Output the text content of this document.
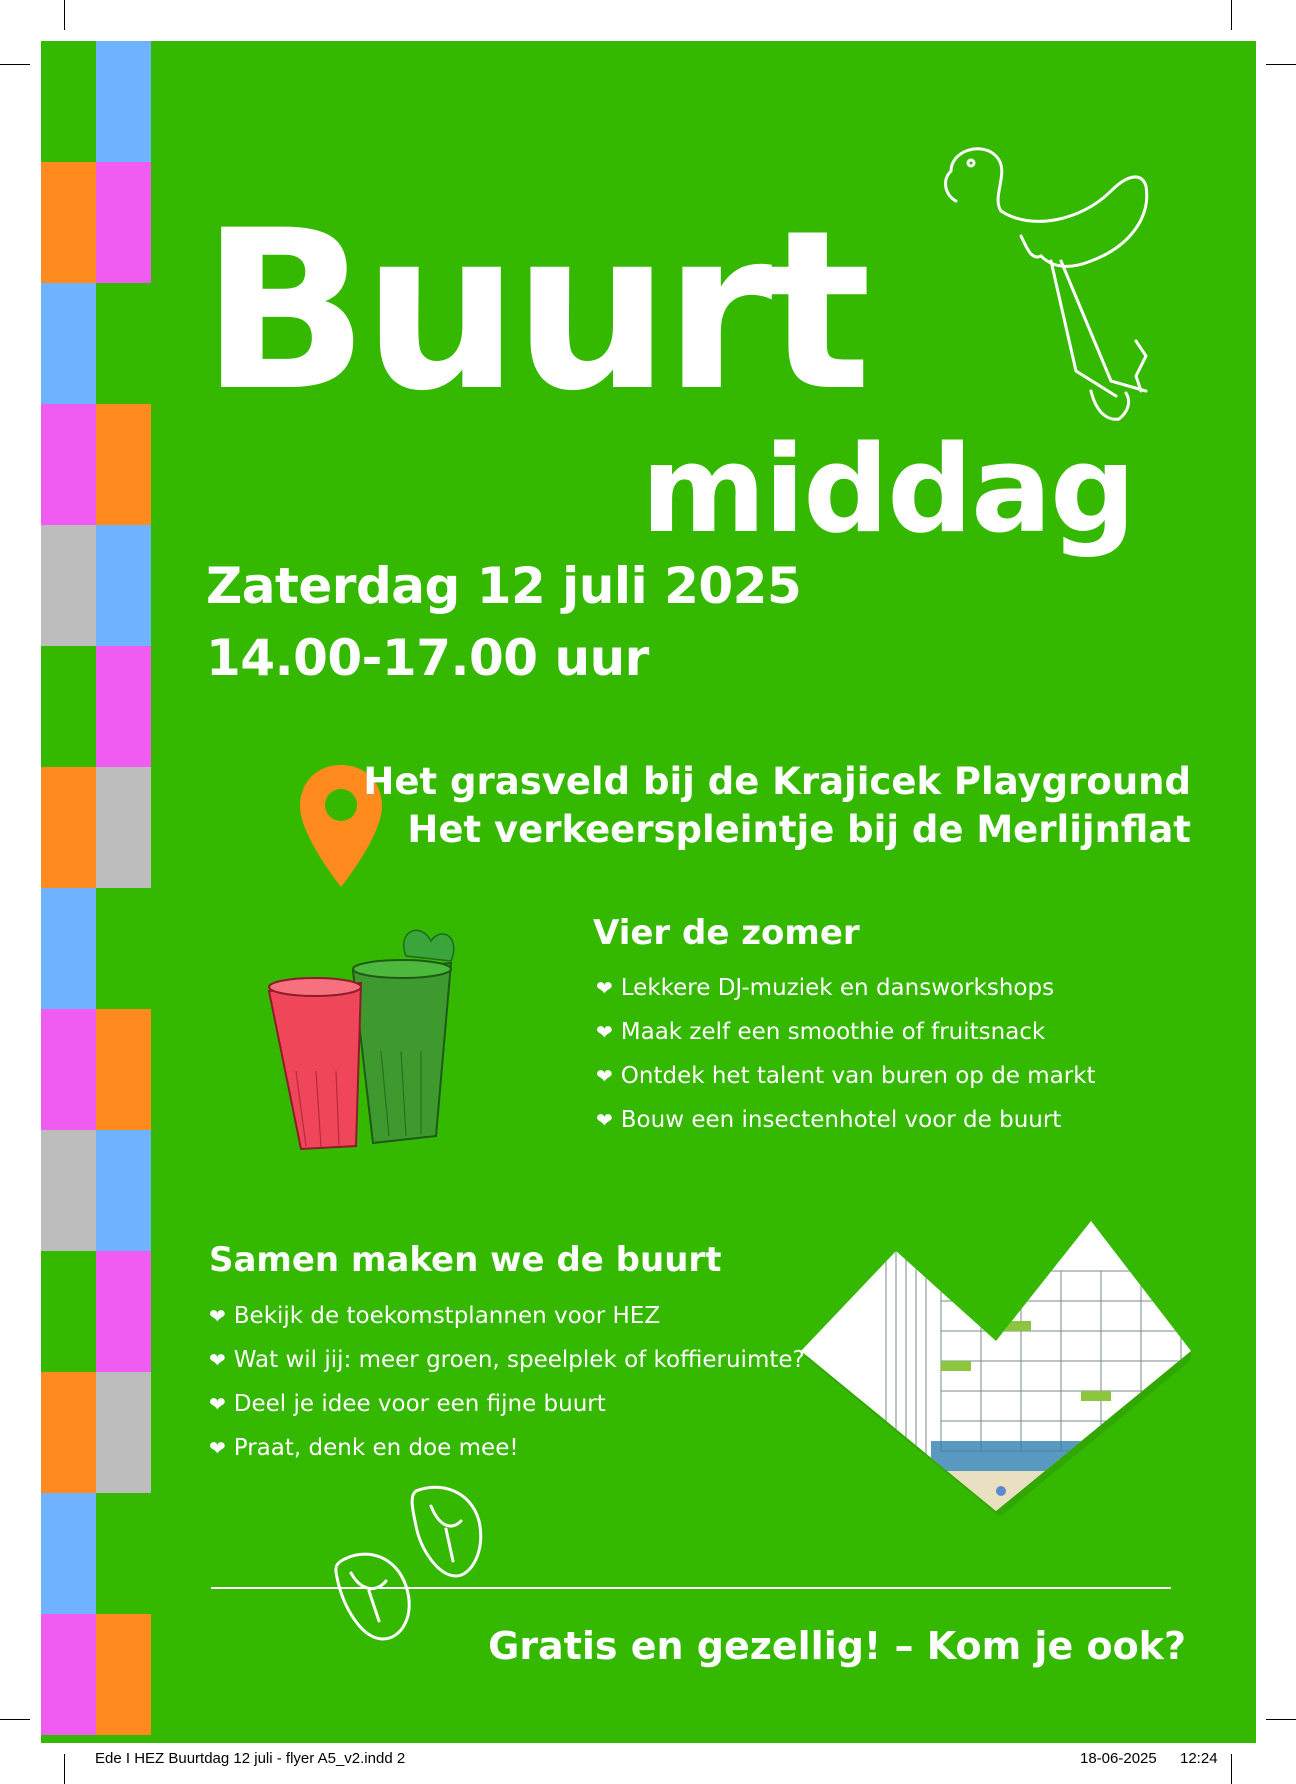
Buurt
middag
Zaterdag 12 juli 2025
14.00-17.00 uur
Het grasveld bij de Krajicek Playground
Het verkeerspleintje bij de Merlijnflat
Vier de zomer
❤ Lekkere DJ-muziek en dansworkshops
❤ Maak zelf een smoothie of fruitsnack
❤ Ontdek het talent van buren op de markt
❤ Bouw een insectenhotel voor de buurt
Samen maken we de buurt
❤ Bekijk de toekomstplannen voor HEZ
❤ Wat wil jij: meer groen, speelplek of koffieruimte?
❤ Deel je idee voor een fijne buurt
❤ Praat, denk en doe mee!
Gratis en gezellig! – Kom je ook?
Ede I HEZ Buurtdag 12 juli - flyer A5_v2.indd 2	18-06-2025 12:24
